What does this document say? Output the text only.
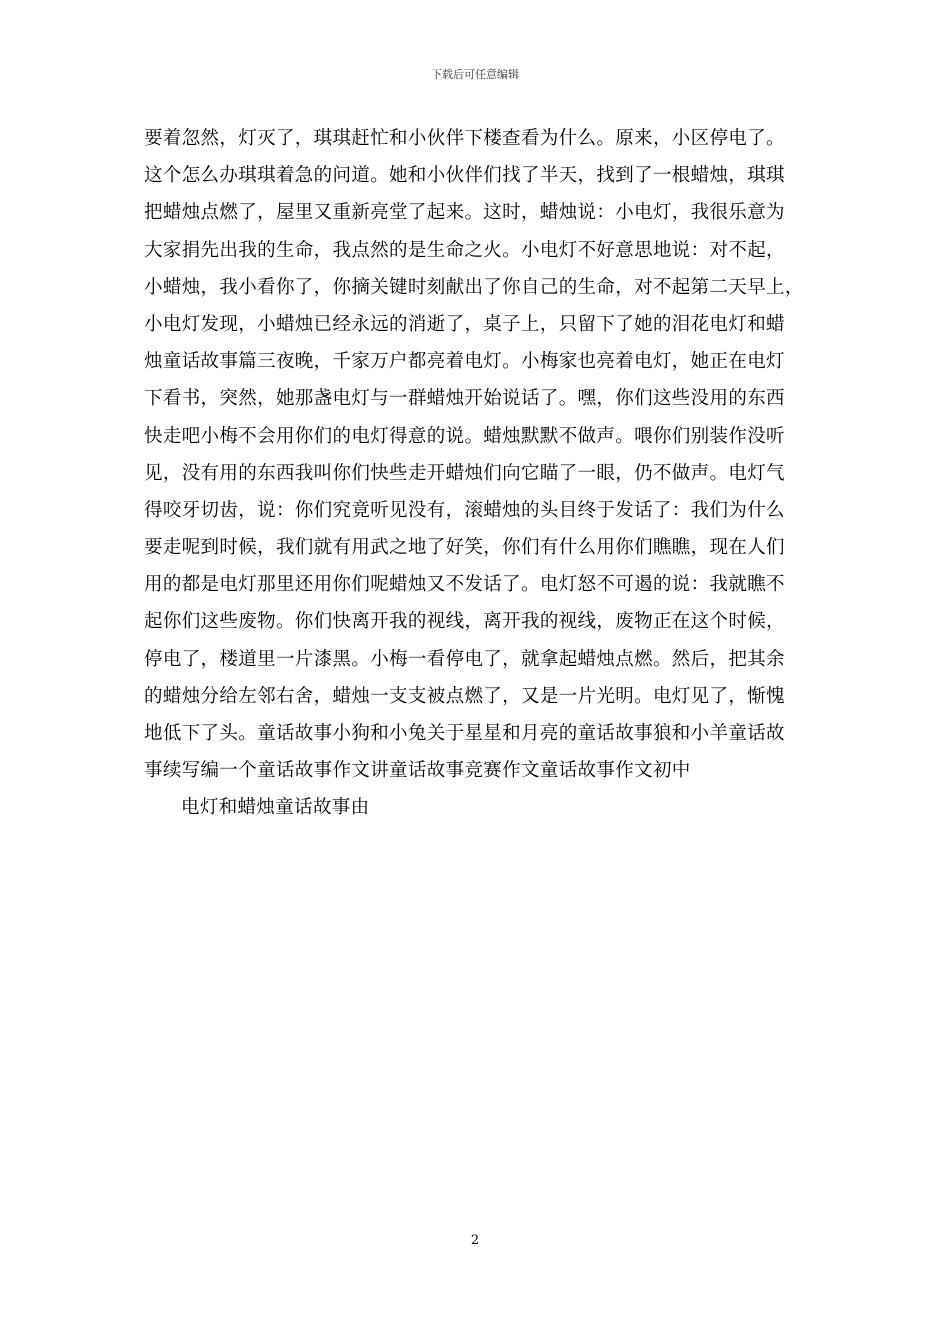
下载后可任意编辑
要着忽然，灯灭了，琪琪赶忙和小伙伴下楼查看为什么。原来，小区停电了。
这个怎么办琪琪着急的问道。她和小伙伴们找了半天，找到了一根蜡烛，琪琪
把蜡烛点燃了，屋里又重新亮堂了起来。这时，蜡烛说：小电灯，我很乐意为
大家捐先出我的生命，我点然的是生命之火。小电灯不好意思地说：对不起，
小蜡烛，我小看你了，你摘关键时刻献出了你自己的生命，对不起第二天早上，
小电灯发现，小蜡烛已经永远的消逝了，桌子上，只留下了她的泪花电灯和蜡
烛童话故事篇三夜晚，千家万户都亮着电灯。小梅家也亮着电灯，她正在电灯
下看书，突然，她那盏电灯与一群蜡烛开始说话了。嘿，你们这些没用的东西
快走吧小梅不会用你们的电灯得意的说。蜡烛默默不做声。喂你们别装作没听
见，没有用的东西我叫你们快些走开蜡烛们向它瞄了一眼，仍不做声。电灯气
得咬牙切齿，说：你们究竟听见没有，滚蜡烛的头目终于发话了：我们为什么
要走呢到时候，我们就有用武之地了好笑，你们有什么用你们瞧瞧，现在人们
用的都是电灯那里还用你们呢蜡烛又不发话了。电灯怒不可遏的说：我就瞧不
起你们这些废物。你们快离开我的视线，离开我的视线，废物正在这个时候，
停电了，楼道里一片漆黑。小梅一看停电了，就拿起蜡烛点燃。然后，把其余
的蜡烛分给左邻右舍，蜡烛一支支被点燃了，又是一片光明。电灯见了，惭愧
地低下了头。童话故事小狗和小兔关于星星和月亮的童话故事狼和小羊童话故
事续写编一个童话故事作文讲童话故事竞赛作文童话故事作文初中
电灯和蜡烛童话故事由
2
